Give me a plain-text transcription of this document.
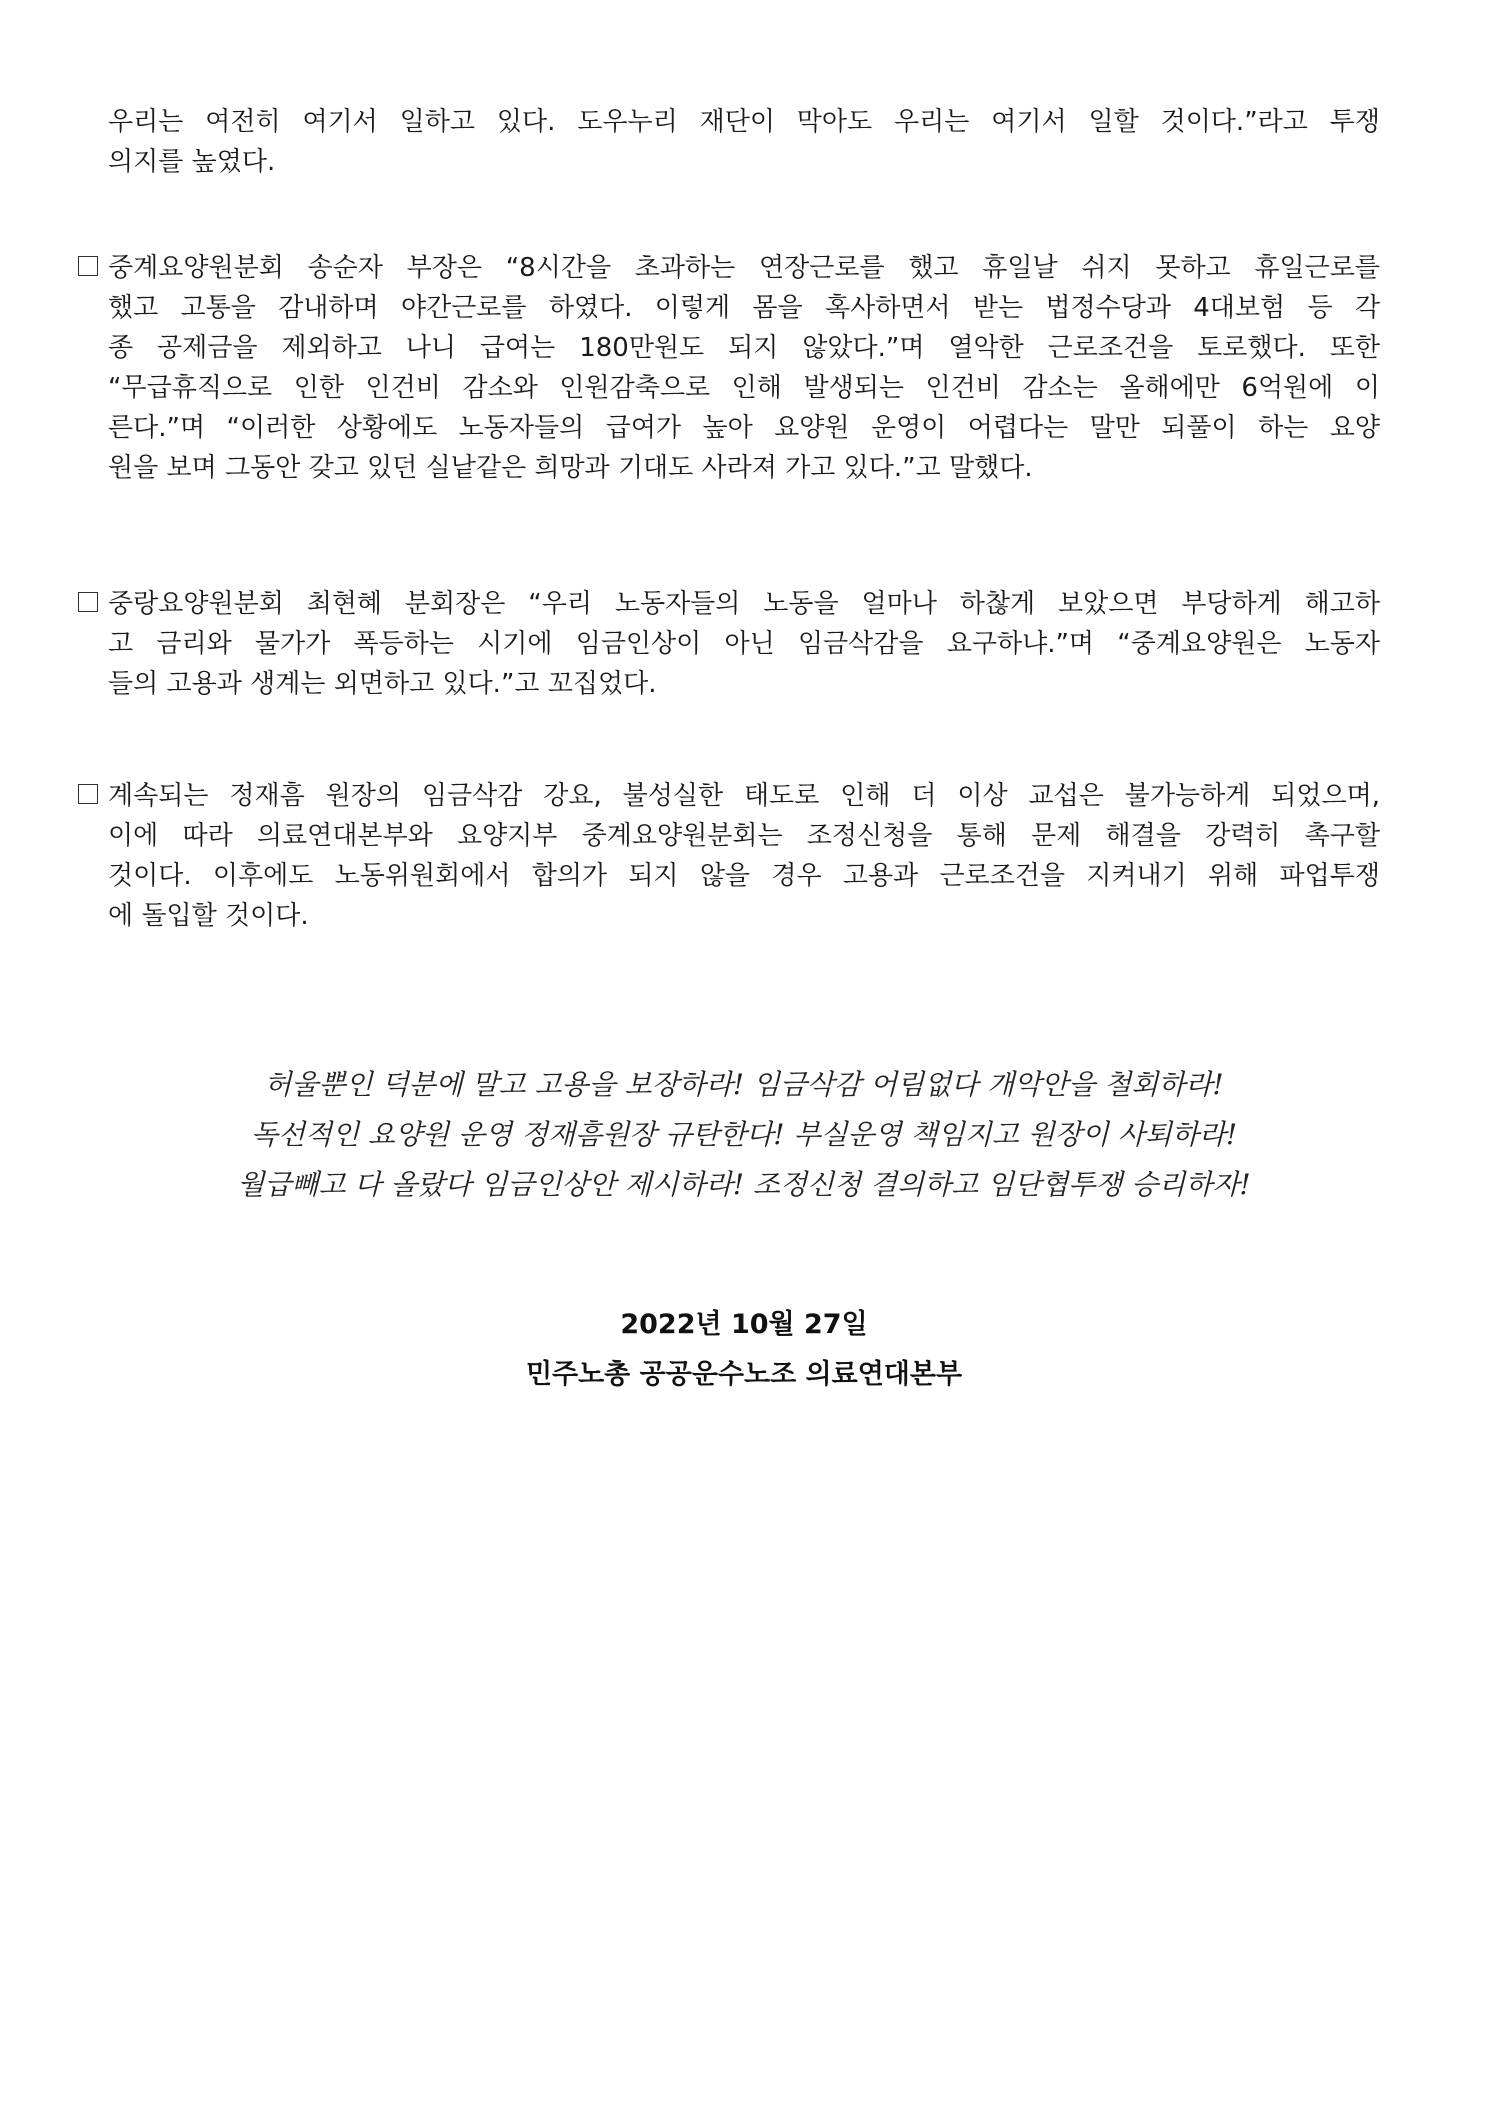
우리는 여전히 여기서 일하고 있다. 도우누리 재단이 막아도 우리는 여기서 일할 것이다.”라고 투쟁
의지를 높였다.
중계요양원분회 송순자 부장은 “8시간을 초과하는 연장근로를 했고 휴일날 쉬지 못하고 휴일근로를
했고 고통을 감내하며 야간근로를 하였다. 이렇게 몸을 혹사하면서 받는 법정수당과 4대보험 등 각
종 공제금을 제외하고 나니 급여는 180만원도 되지 않았다.”며 열악한 근로조건을 토로했다. 또한
“무급휴직으로 인한 인건비 감소와 인원감축으로 인해 발생되는 인건비 감소는 올해에만 6억원에 이
른다.”며 “이러한 상황에도 노동자들의 급여가 높아 요양원 운영이 어렵다는 말만 되풀이 하는 요양
원을 보며 그동안 갖고 있던 실낱같은 희망과 기대도 사라져 가고 있다.”고 말했다.
중랑요양원분회 최현혜 분회장은 “우리 노동자들의 노동을 얼마나 하찮게 보았으면 부당하게 해고하
고 금리와 물가가 폭등하는 시기에 임금인상이 아닌 임금삭감을 요구하냐.”며 “중계요양원은 노동자
들의 고용과 생계는 외면하고 있다.”고 꼬집었다.
계속되는 정재흠 원장의 임금삭감 강요, 불성실한 태도로 인해 더 이상 교섭은 불가능하게 되었으며,
이에 따라 의료연대본부와 요양지부 중계요양원분회는 조정신청을 통해 문제 해결을 강력히 촉구할
것이다. 이후에도 노동위원회에서 합의가 되지 않을 경우 고용과 근로조건을 지켜내기 위해 파업투쟁
에 돌입할 것이다.
허울뿐인 덕분에 말고 고용을 보장하라! 임금삭감 어림없다 개악안을 철회하라!
독선적인 요양원 운영 정재흠원장 규탄한다! 부실운영 책임지고 원장이 사퇴하라!
월급빼고 다 올랐다 임금인상안 제시하라! 조정신청 결의하고 임단협투쟁 승리하자!
2022년 10월 27일
민주노총 공공운수노조 의료연대본부
